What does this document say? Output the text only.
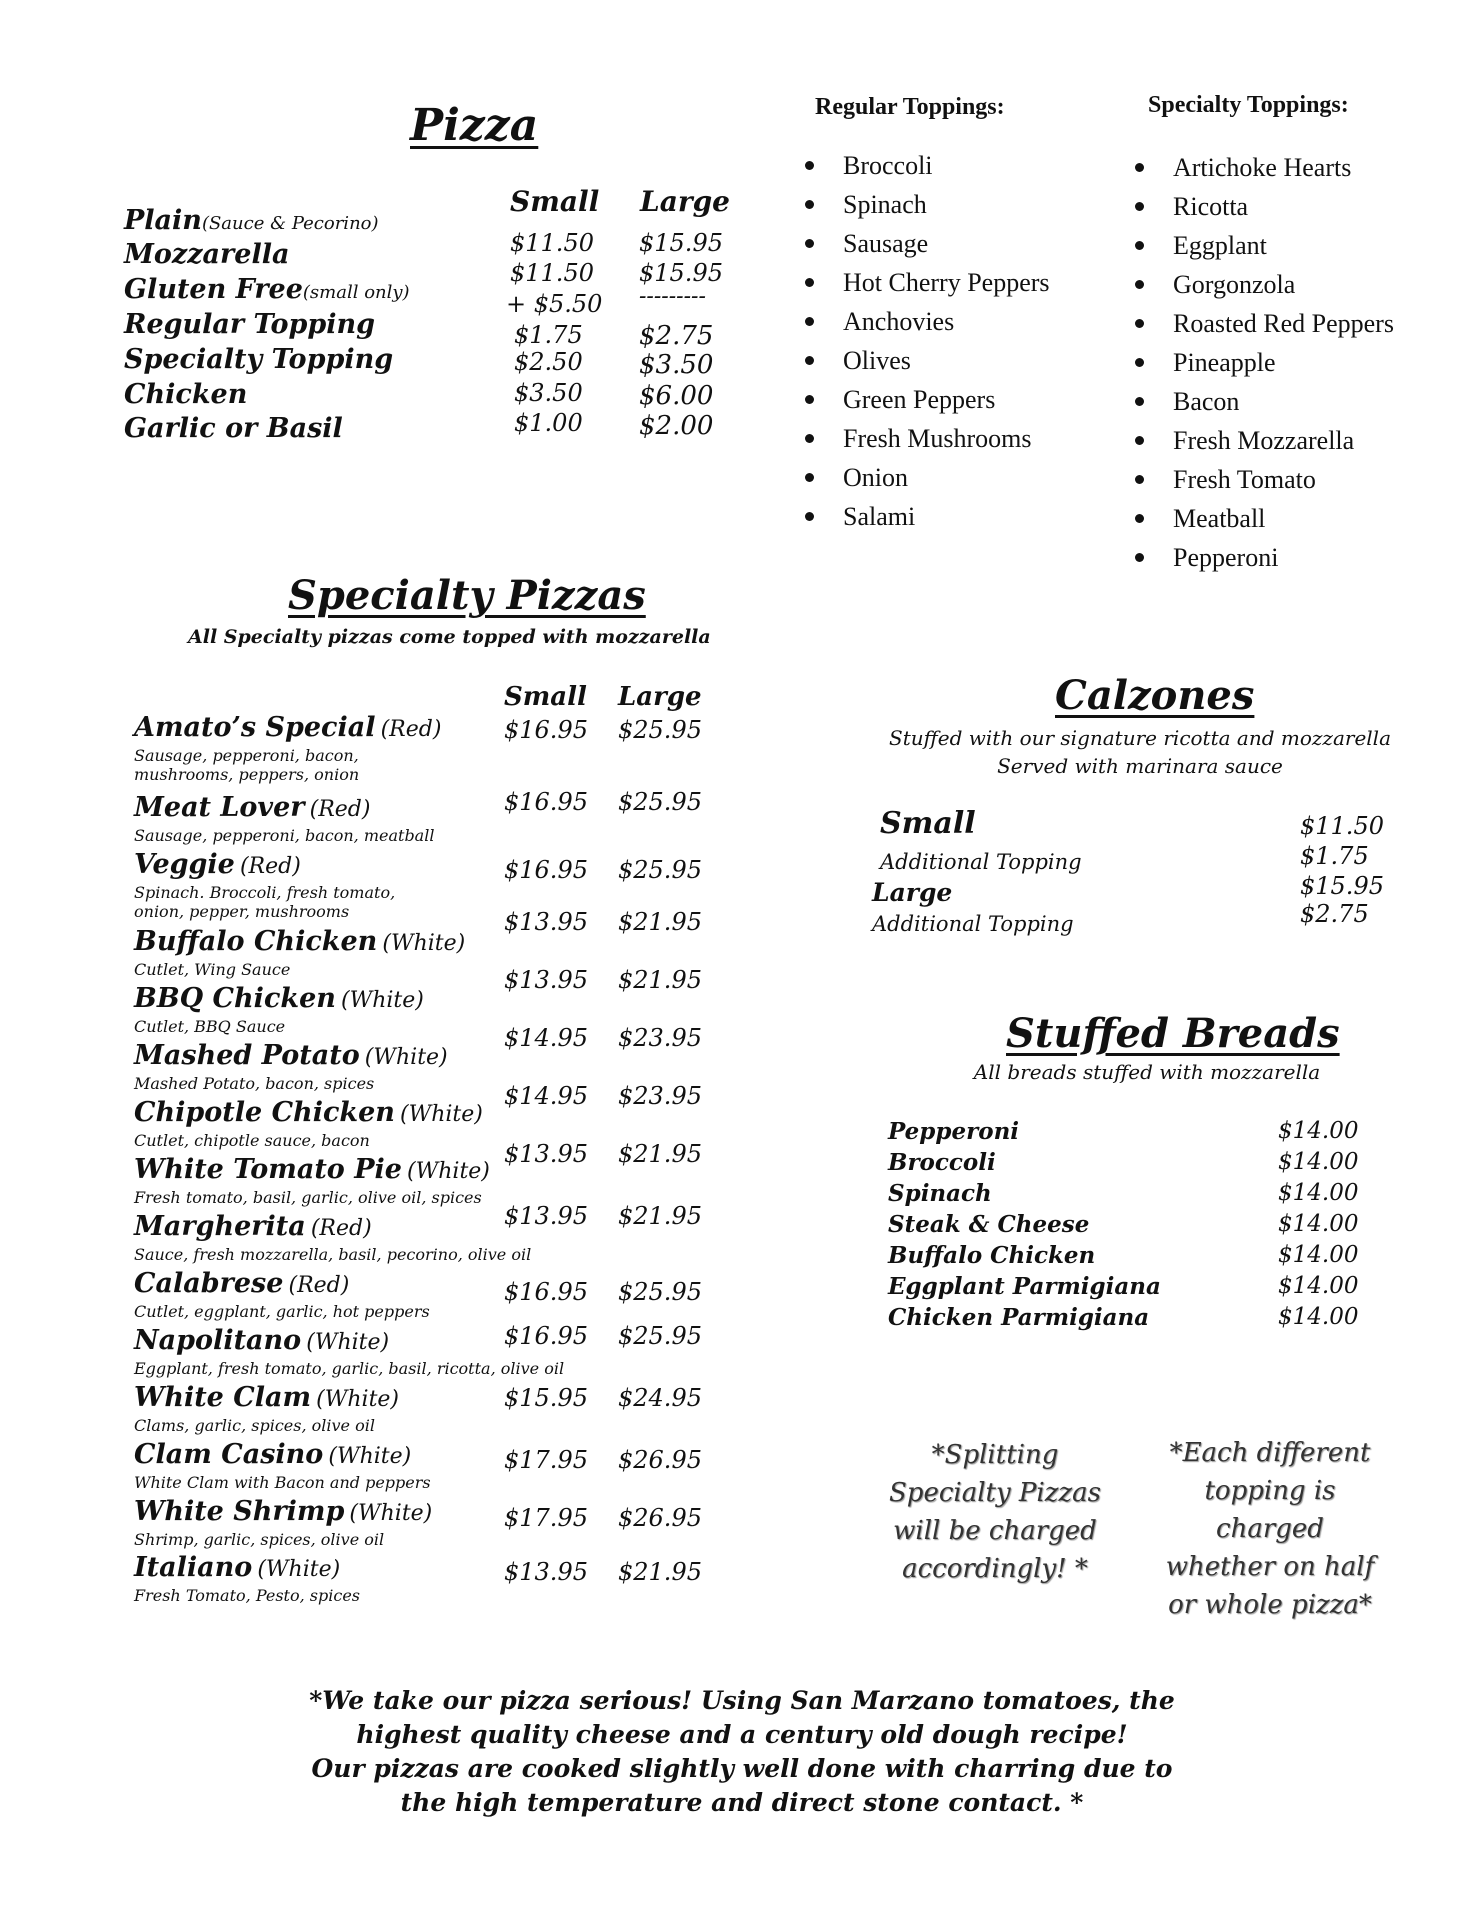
Pizza
Small Large
Plain(Sauce & Pecorino)
$11.50 $15.95
Mozzarella
$11.50 $15.95
Gluten Free(small only)	+ $5.50 ---------
Regular Topping	$1.75 $2.75
Specialty Topping	$2.50 $3.50
Chicken	$3.50 $6.00
Garlic or Basil	$1.00 $2.00
Regular Toppings:
Broccoli
Spinach
Sausage
Hot Cherry Peppers
Anchovies
Olives
Green Peppers
Fresh Mushrooms
Onion
Salami
Specialty Toppings:
Artichoke Hearts
Ricotta
Eggplant
Gorgonzola
Roasted Red Peppers
Pineapple
Bacon
Fresh Mozzarella
Fresh Tomato
Meatball
Pepperoni
Specialty Pizzas
All Specialty pizzas come topped with mozzarella
Small Large
Amato’s Special (Red)
Sausage, pepperoni, bacon,
mushrooms, peppers, onion
$16.95 $25.95
Meat Lover (Red)
Sausage, pepperoni, bacon, meatball
$16.95 $25.95
Veggie (Red)
Spinach. Broccoli, fresh tomato,
onion, pepper, mushrooms
$16.95 $25.95
Buffalo Chicken (White)
Cutlet, Wing Sauce
$13.95 $21.95
BBQ Chicken (White)
Cutlet, BBQ Sauce
$13.95 $21.95
Mashed Potato (White)
Mashed Potato, bacon, spices
$14.95 $23.95
Chipotle Chicken (White)
Cutlet, chipotle sauce, bacon
$14.95 $23.95
White Tomato Pie (White)
Fresh tomato, basil, garlic, olive oil, spices
$13.95 $21.95
Margherita (Red)
Sauce, fresh mozzarella, basil, pecorino, olive oil
$13.95 $21.95
Calabrese (Red)
Cutlet, eggplant, garlic, hot peppers
$16.95 $25.95
Napolitano (White)
Eggplant, fresh tomato, garlic, basil, ricotta, olive oil
$16.95 $25.95
White Clam (White)
Clams, garlic, spices, olive oil
$15.95 $24.95
Clam Casino (White)
White Clam with Bacon and peppers
$17.95 $26.95
White Shrimp (White)
Shrimp, garlic, spices, olive oil
$17.95 $26.95
Italiano (White)
Fresh Tomato, Pesto, spices
$13.95 $21.95
Calzones
Stuffed with our signature ricotta and mozzarella
Served with marinara sauce
Small	$11.50
Additional Topping	$1.75
Large	$15.95
Additional Topping	$2.75
Stuffed Breads
All breads stuffed with mozzarella
Pepperoni	$14.00
Broccoli	$14.00
Spinach	$14.00
Steak & Cheese	$14.00
Buffalo Chicken	$14.00
Eggplant Parmigiana	$14.00
Chicken Parmigiana	$14.00
*Splitting
Specialty Pizzas
will be charged
accordingly! *
*Each different
topping is
charged
whether on half
or whole pizza*
*We take our pizza serious! Using San Marzano tomatoes, the
highest quality cheese and a century old dough recipe!
Our pizzas are cooked slightly well done with charring due to
the high temperature and direct stone contact. *
